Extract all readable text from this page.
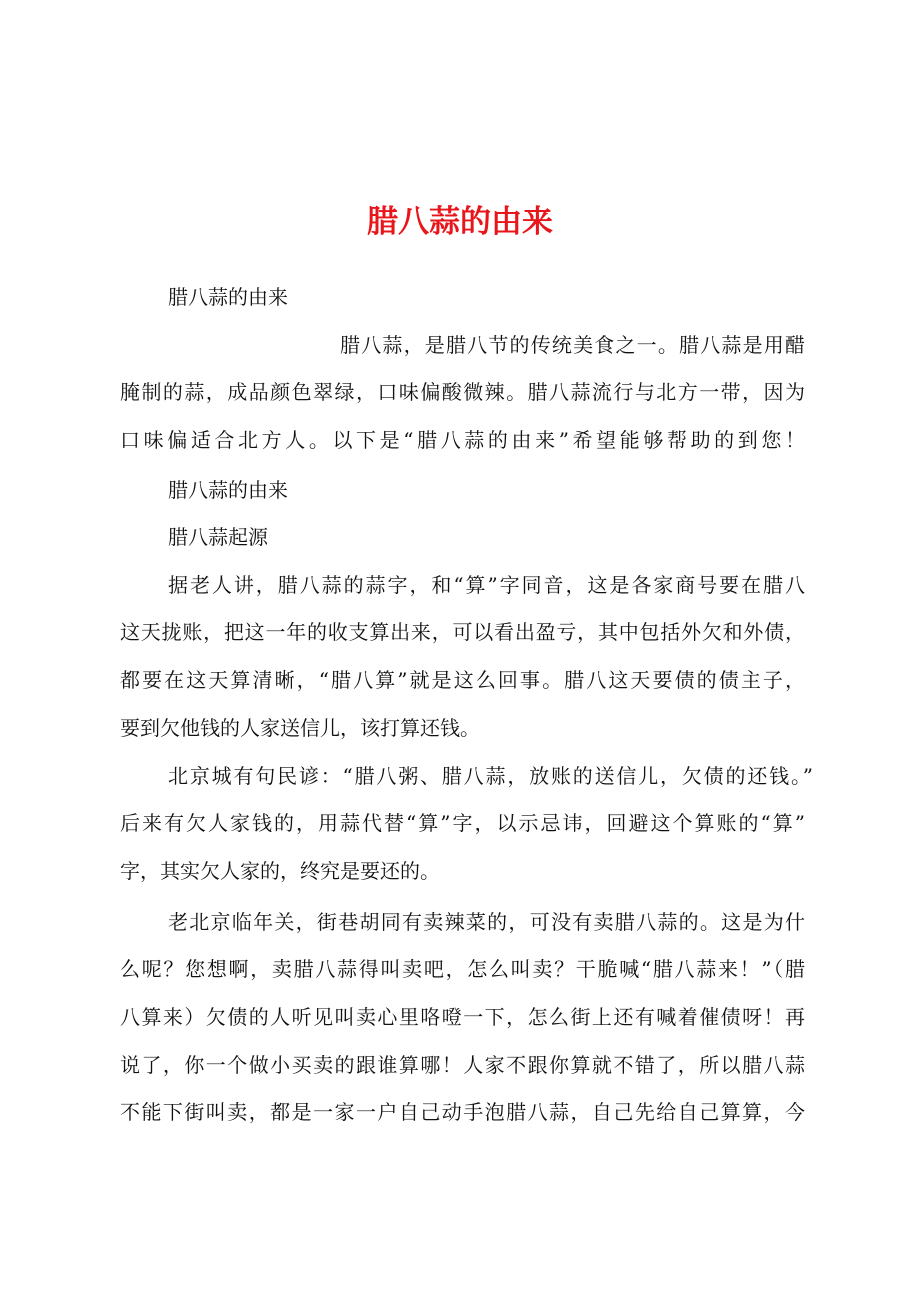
腊八蒜的由来
腊八蒜的由来
腊八蒜，是腊八节的传统美食之一。腊八蒜是用醋
腌制的蒜，成品颜色翠绿，口味偏酸微辣。腊八蒜流行与北方一带，因为
口味偏适合北方人。以下是“腊八蒜的由来”希望能够帮助的到您！
腊八蒜的由来
腊八蒜起源
据老人讲，腊八蒜的蒜字，和“算”字同音，这是各家商号要在腊八
这天拢账，把这一年的收支算出来，可以看出盈亏，其中包括外欠和外债，
都要在这天算清晰，“腊八算”就是这么回事。腊八这天要债的债主子，
要到欠他钱的人家送信儿，该打算还钱。
北京城有句民谚：“腊八粥、腊八蒜，放账的送信儿，欠债的还钱。”
后来有欠人家钱的，用蒜代替“算”字，以示忌讳，回避这个算账的“算”
字，其实欠人家的，终究是要还的。
老北京临年关，街巷胡同有卖辣菜的，可没有卖腊八蒜的。这是为什
么呢？您想啊，卖腊八蒜得叫卖吧，怎么叫卖？干脆喊“腊八蒜来！”（腊
八算来）欠债的人听见叫卖心里咯噔一下，怎么街上还有喊着催债呀！再
说了，你一个做小买卖的跟谁算哪！人家不跟你算就不错了，所以腊八蒜
不能下街叫卖，都是一家一户自己动手泡腊八蒜，自己先给自己算算，今
